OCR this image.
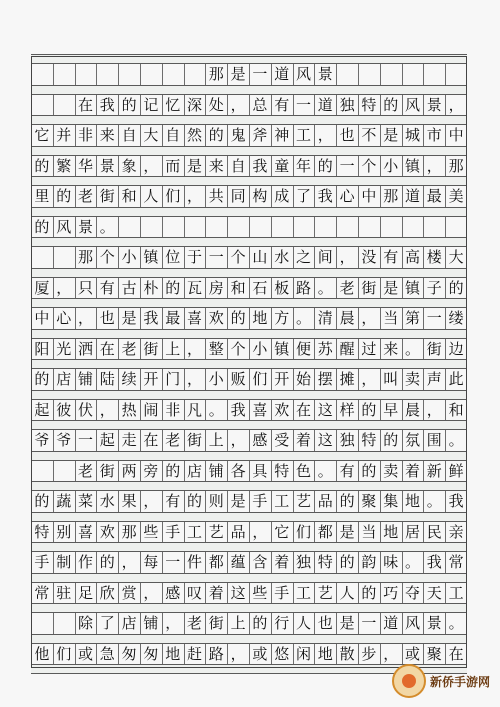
那 是 一 道 风 景
在 我 的 记 忆 深 处 ， 总 有 一 道 独 特 的 风 景 ，
它 并 非 来 自 大 自 然 的 鬼 斧 神 工 ， 也 不 是 城 市 中
的 繁 华 景 象 ， 而 是 来 自 我 童 年 的 一 个 小 镇 ， 那
里 的 老 街 和 人 们 ， 共 同 构 成 了 我 心 中 那 道 最 美
的 风 景 。
那 个 小 镇 位 于 一 个 山 水 之 间 ， 没 有 高 楼 大
厦 ， 只 有 古 朴 的 瓦 房 和 石 板 路 。 老 街 是 镇 子 的
中 心 ， 也 是 我 最 喜 欢 的 地 方 。 清 晨 ， 当 第 一 缕
阳 光 洒 在 老 街 上 ， 整 个 小 镇 便 苏 醒 过 来 。 街 边
的 店 铺 陆 续 开 门 ， 小 贩 们 开 始 摆 摊 ， 叫 卖 声 此
起 彼 伏 ， 热 闹 非 凡 。 我 喜 欢 在 这 样 的 早 晨 ， 和
爷 爷 一 起 走 在 老 街 上 ， 感 受 着 这 独 特 的 氛 围 。
老 街 两 旁 的 店 铺 各 具 特 色 。 有 的 卖 着 新 鲜
的 蔬 菜 水 果 ， 有 的 则 是 手 工 艺 品 的 聚 集 地 。 我
特 别 喜 欢 那 些 手 工 艺 品 ， 它 们 都 是 当 地 居 民 亲
手 制 作 的 ， 每 一 件 都 蕴 含 着 独 特 的 韵 味 。 我 常
常 驻 足 欣 赏 ， 感 叹 着 这 些 手 工 艺 人 的 巧 夺 天 工
除 了 店 铺 ， 老 街 上 的 行 人 也 是 一 道 风 景 。
他 们 或 急 匆 匆 地 赶 路 ， 或 悠 闲 地 散 步 ， 或 聚 在
新侨手游网
